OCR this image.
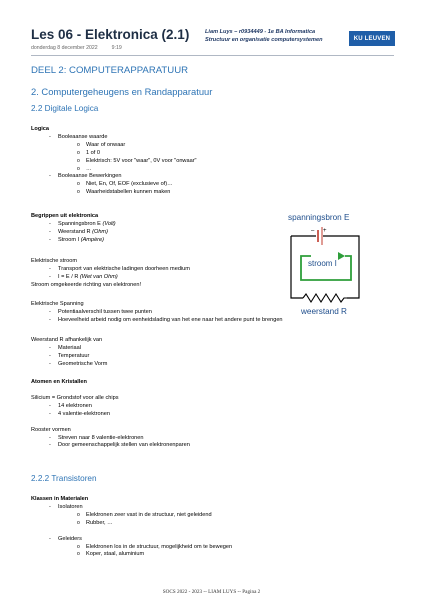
Les 06 - Elektronica (2.1)
donderdag 8 december 2022	9:19
Liam Luys – r0934449 - 1e BA Informatica
Structuur en organisatie computersystemen	KU LEUVEN
DEEL 2: COMPUTERAPPARATUUR
2. Computergeheugens en Randapparatuur
2.2 Digitale Logica
Logica
- Booleaanse waarde
o Waar of onwaar
o 1 of 0
o Elektrisch: 5V voor "waar", 0V voor "onwaar"
o …
- Booleaanse Bewerkingen
o Niet, En, Of, EOF (exclusieve of)…
o Waarheidstabellen kunnen maken
Begrippen uit elektronica
- Spanningsbron E (Volt)
- Weerstand R (Ohm)
- Stroom I (Ampère)
Elektrische stroom
- Transport van elektrische ladingen doorheen medium
- I = E / R (Wet van Ohm)
Stroom omgekeerde richting van elektronen!
Elektrische Spanning
- Potentiaalverschil tussen twee punten
- Hoeveelheid arbeid nodig om eenheidslading van het ene naar het andere punt te brengen
Weerstand R afhankelijk van
- Materiaal
- Temperatuur
- Geometrische Vorm
Atomen en Kristallen
Silicium = Grondstof voor alle chips
- 14 elektronen
- 4 valentie-elektronen
Rooster vormen
- Streven naar 8 valentie-elektronen
- Door gemeenschappelijk stellen van elektronenparen
2.2.2 Transistoren
Klassen in Materialen
- Isolatoren
o Elektronen zeer vast in de structuur, niet geleidend
o Rubber, …
- Geleiders
o Elektronen los in de structuur, mogelijkheid om te bewegen
o Koper, staal, aluminium
spanningsbron E
– +
stroom I
weerstand R
SOCS 2022 - 2023 -- LIAM LUYS -- Pagina 2
